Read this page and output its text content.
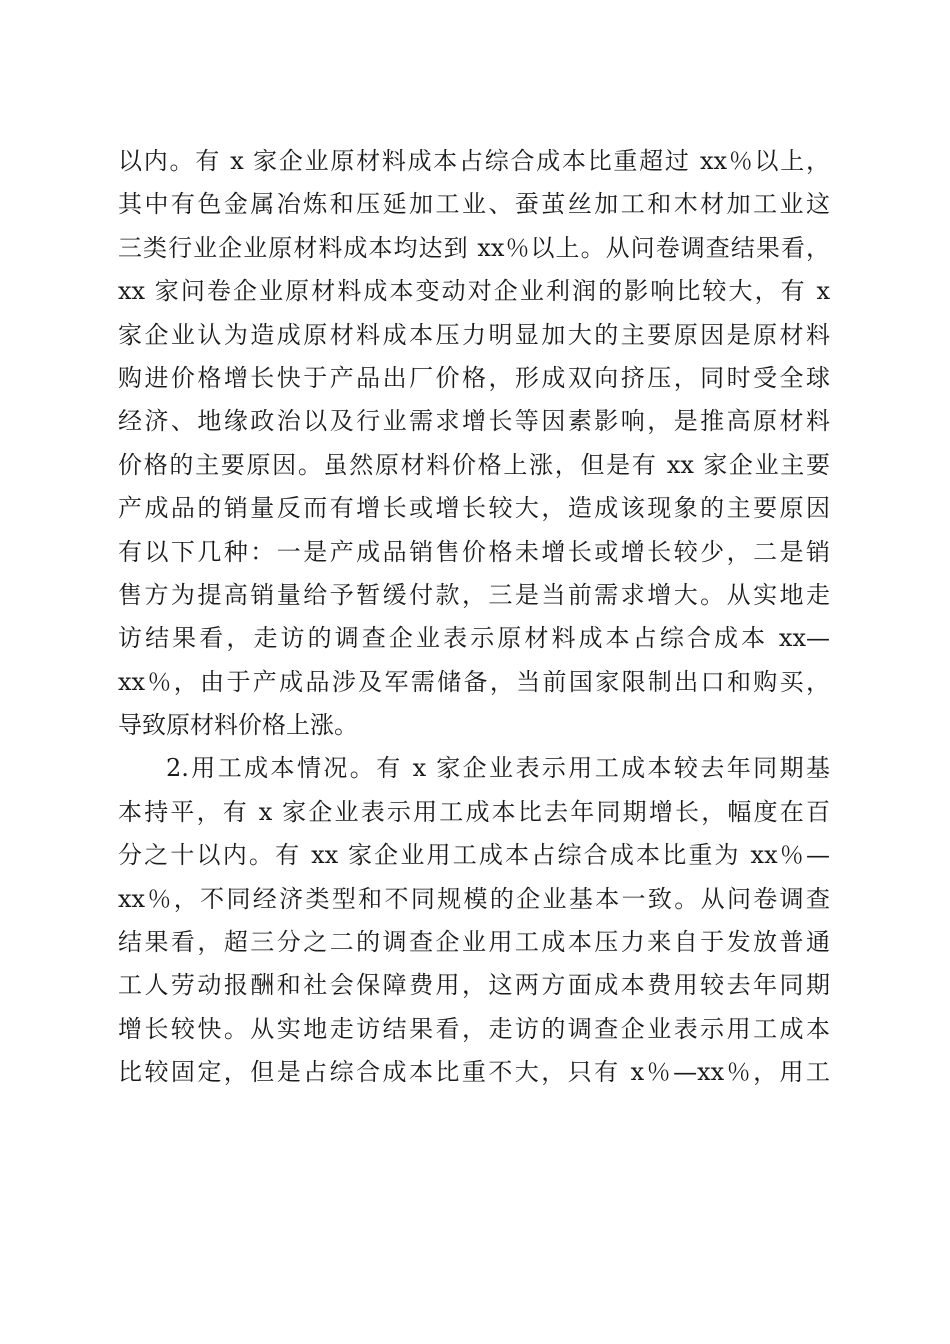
以内。有 x 家企业原材料成本占综合成本比重超过 xx％以上，
其中有色金属冶炼和压延加工业、蚕茧丝加工和木材加工业这
三类行业企业原材料成本均达到 xx％以上。从问卷调查结果看，
xx 家问卷企业原材料成本变动对企业利润的影响比较大，有 x
家企业认为造成原材料成本压力明显加大的主要原因是原材料
购进价格增长快于产品出厂价格，形成双向挤压，同时受全球
经济、地缘政治以及行业需求增长等因素影响，是推高原材料
价格的主要原因。虽然原材料价格上涨，但是有 xx 家企业主要
产成品的销量反而有增长或增长较大，造成该现象的主要原因
有以下几种：一是产成品销售价格未增长或增长较少，二是销
售方为提高销量给予暂缓付款，三是当前需求增大。从实地走
访结果看，走访的调查企业表示原材料成本占综合成本 xx—
xx％，由于产成品涉及军需储备，当前国家限制出口和购买，
导致原材料价格上涨。
2.用工成本情况。有 x 家企业表示用工成本较去年同期基
本持平，有 x 家企业表示用工成本比去年同期增长，幅度在百
分之十以内。有 xx 家企业用工成本占综合成本比重为 xx％—
xx％，不同经济类型和不同规模的企业基本一致。从问卷调查
结果看，超三分之二的调查企业用工成本压力来自于发放普通
工人劳动报酬和社会保障费用，这两方面成本费用较去年同期
增长较快。从实地走访结果看，走访的调查企业表示用工成本
比较固定，但是占综合成本比重不大，只有 x％—xx％，用工
